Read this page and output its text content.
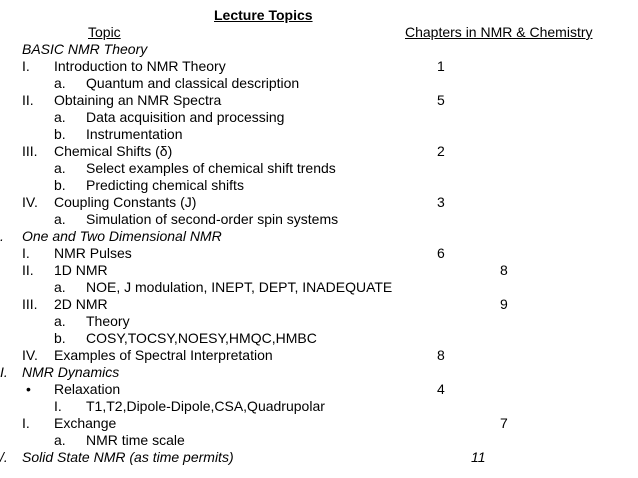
Lecture Topics
Topic	Chapters in NMR & Chemistry
BASIC NMR Theory
I. Introduction to NMR Theory	1
a. Quantum and classical description
II. Obtaining an NMR Spectra	5
a. Data acquisition and processing
b. Instrumentation
III. Chemical Shifts (δ)	2
a. Select examples of chemical shift trends
b. Predicting chemical shifts
IV. Coupling Constants (J)	3
a. Simulation of second-order spin systems
. One and Two Dimensional NMR
I. NMR Pulses	6
II. 1D NMR	8
a. NOE, J modulation, INEPT, DEPT, INADEQUATE
III. 2D NMR	9
a. Theory
b. COSY,TOCSY,NOESY,HMQC,HMBC
IV. Examples of Spectral Interpretation	8
I. NMR Dynamics
• Relaxation	4
I. T1,T2,Dipole-Dipole,CSA,Quadrupolar
I. Exchange	7
a. NMR time scale
/. Solid State NMR (as time permits)	11
